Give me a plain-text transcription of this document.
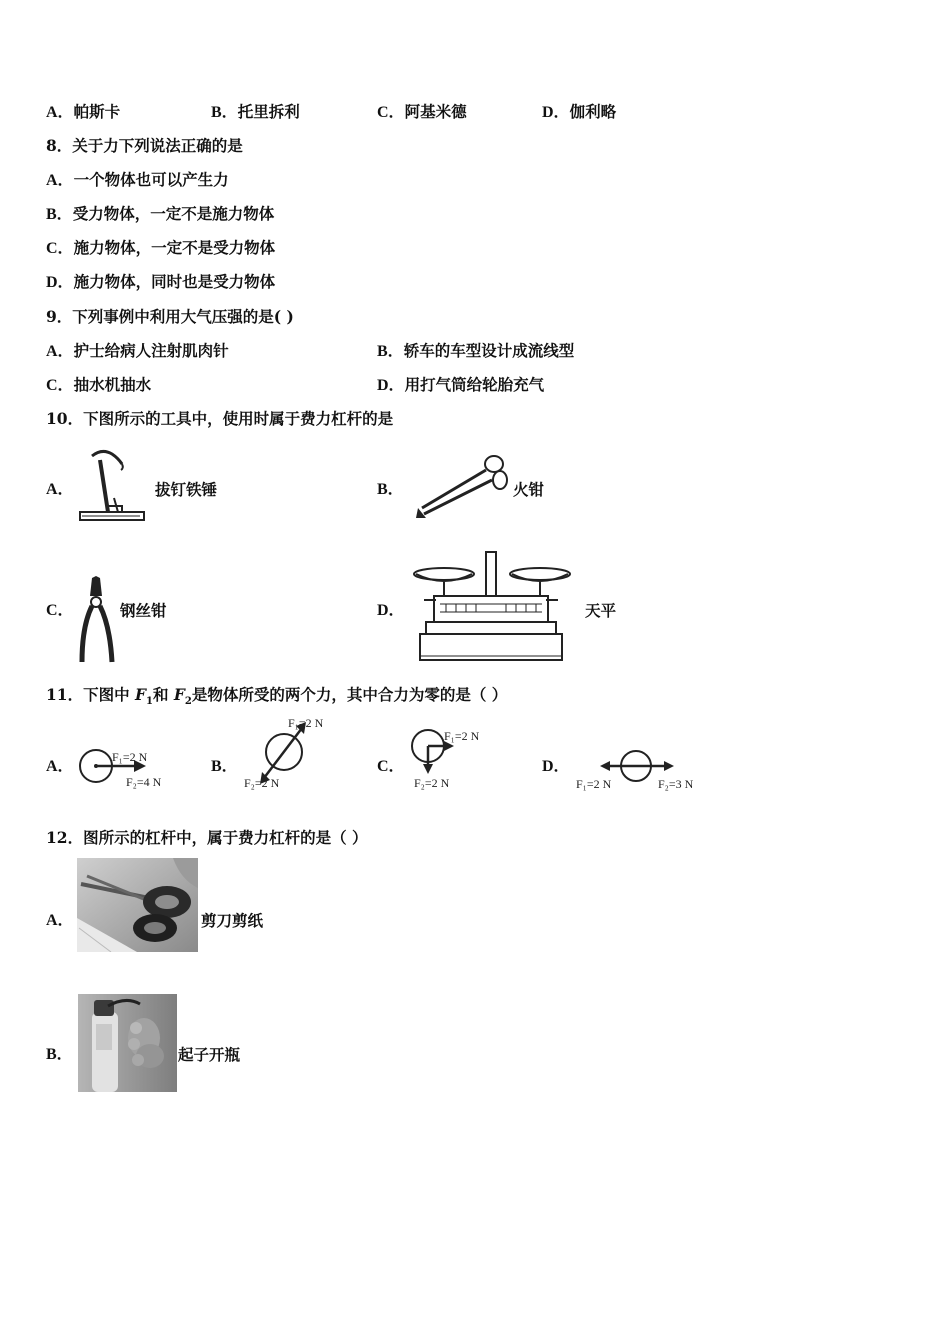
A．帕斯卡	B．托里拆利	C．阿基米德	D．伽利略
8．关于力下列说法正确的是
A．一个物体也可以产生力
B．受力物体，一定不是施力物体
C．施力物体，一定不是受力物体
D．施力物体，同时也是受力物体
9．下列事例中利用大气压强的是( )
A．护士给病人注射肌肉针	B．轿车的车型设计成流线型
C．抽水机抽水	D．用打气筒给轮胎充气
10．下图所示的工具中，使用时属于费力杠杆的是
A．	拔钉铁锤	B．	火钳
C．	钢丝钳	D．	天平
11．下图中 $F_1$和 $F_2$是物体所受的两个力，其中合力为零的是（ ）
A．
F₁=2 N
F₂=4 N
B．
F₁=2 N
F₂=2 N
C．
F₁=2 N
F₂=2 N
D．
F₁=2 N	F₂=3 N
12．图所示的杠杆中，属于费力杠杆的是（ ）
A．	剪刀剪纸
B．	起子开瓶
